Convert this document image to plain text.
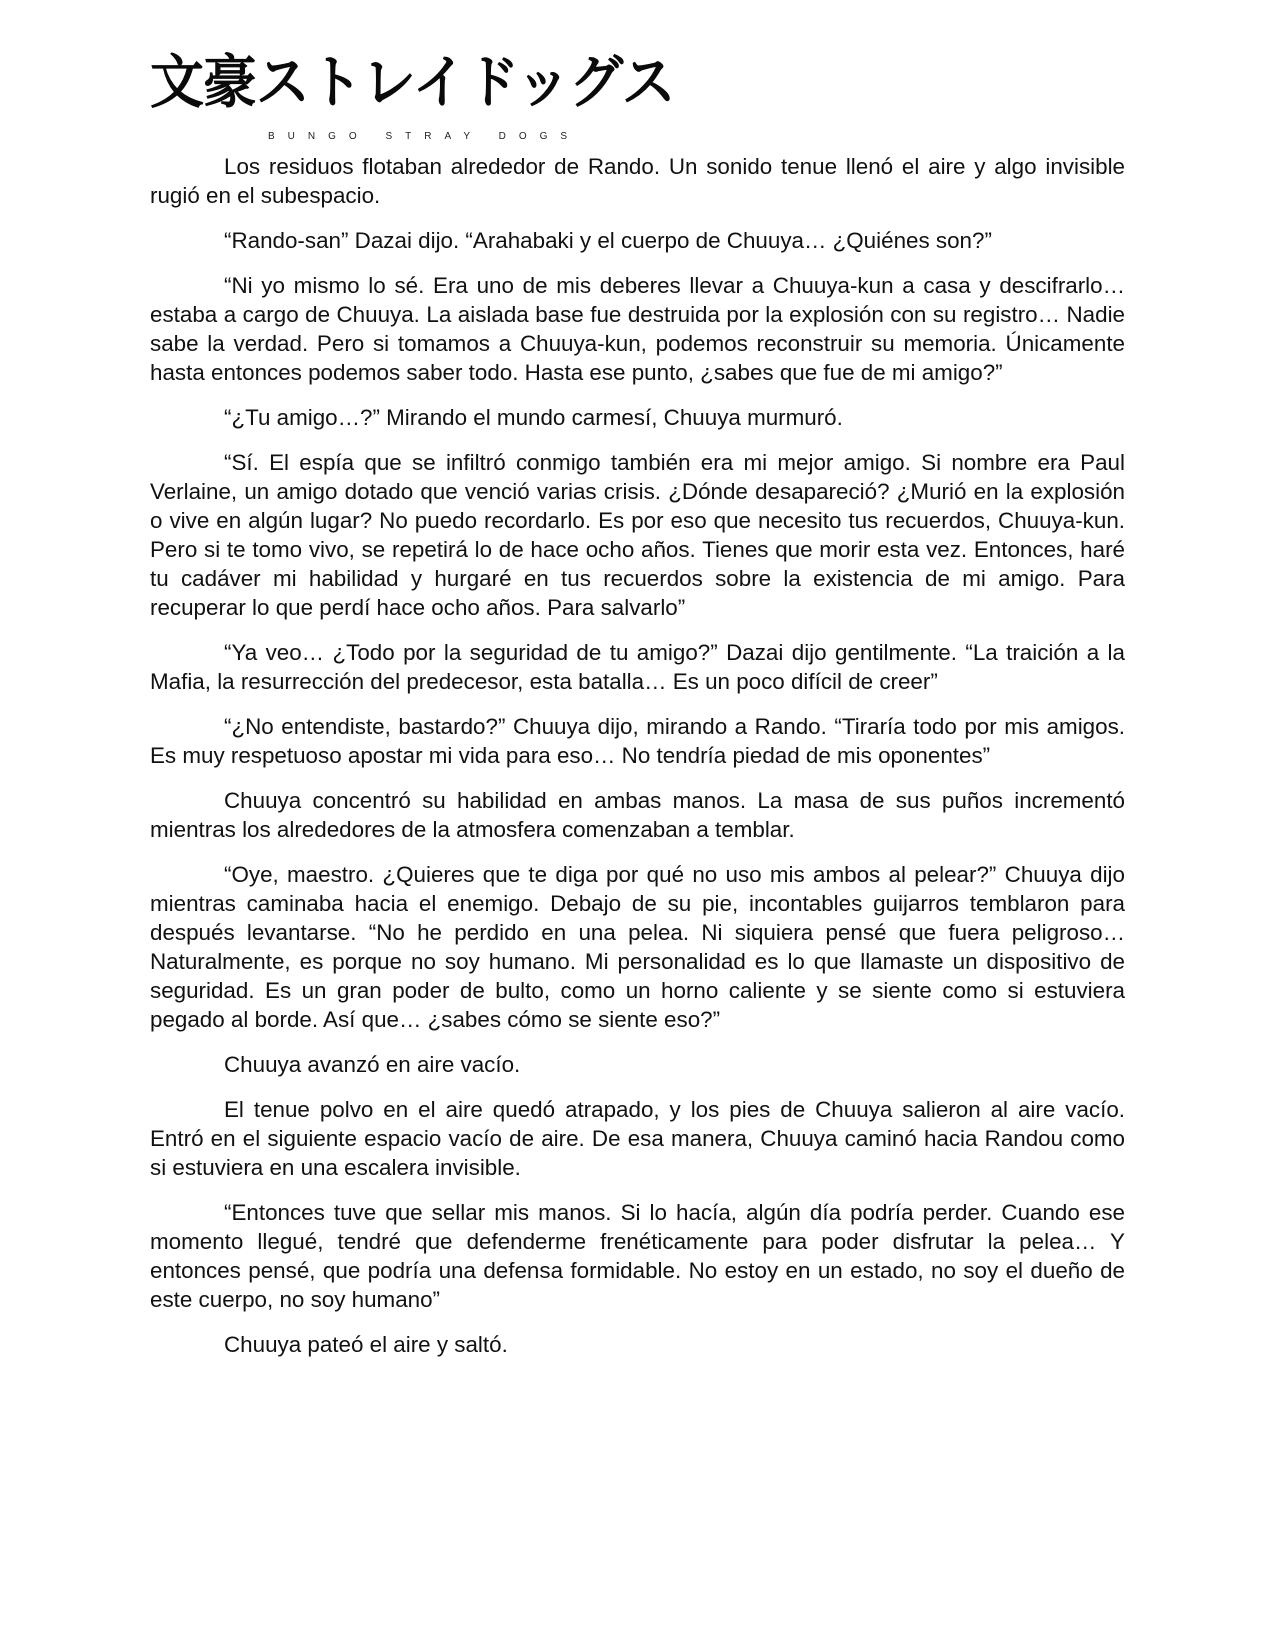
文豪ストレイドッグス
BUNGO STRAY DOGS

Los residuos flotaban alrededor de Rando. Un sonido tenue llenó el aire y algo invisible rugió en el subespacio.

“Rando-san” Dazai dijo. “Arahabaki y el cuerpo de Chuuya… ¿Quiénes son?”

“Ni yo mismo lo sé. Era uno de mis deberes llevar a Chuuya-kun a casa y descifrarlo… estaba a cargo de Chuuya. La aislada base fue destruida por la explosión con su registro… Nadie sabe la verdad. Pero si tomamos a Chuuya-kun, podemos reconstruir su memoria. Únicamente hasta entonces podemos saber todo. Hasta ese punto, ¿sabes que fue de mi amigo?”

“¿Tu amigo…?” Mirando el mundo carmesí, Chuuya murmuró.

“Sí. El espía que se infiltró conmigo también era mi mejor amigo. Si nombre era Paul Verlaine, un amigo dotado que venció varias crisis. ¿Dónde desapareció? ¿Murió en la explosión o vive en algún lugar? No puedo recordarlo. Es por eso que necesito tus recuerdos, Chuuya-kun. Pero si te tomo vivo, se repetirá lo de hace ocho años. Tienes que morir esta vez. Entonces, haré tu cadáver mi habilidad y hurgaré en tus recuerdos sobre la existencia de mi amigo. Para recuperar lo que perdí hace ocho años. Para salvarlo”

“Ya veo… ¿Todo por la seguridad de tu amigo?” Dazai dijo gentilmente. “La traición a la Mafia, la resurrección del predecesor, esta batalla… Es un poco difícil de creer”

“¿No entendiste, bastardo?” Chuuya dijo, mirando a Rando. “Tiraría todo por mis amigos. Es muy respetuoso apostar mi vida para eso… No tendría piedad de mis oponentes”

Chuuya concentró su habilidad en ambas manos. La masa de sus puños incrementó mientras los alrededores de la atmosfera comenzaban a temblar.

“Oye, maestro. ¿Quieres que te diga por qué no uso mis ambos al pelear?” Chuuya dijo mientras caminaba hacia el enemigo. Debajo de su pie, incontables guijarros temblaron para después levantarse. “No he perdido en una pelea. Ni siquiera pensé que fuera peligroso… Naturalmente, es porque no soy humano. Mi personalidad es lo que llamaste un dispositivo de seguridad. Es un gran poder de bulto, como un horno caliente y se siente como si estuviera pegado al borde. Así que… ¿sabes cómo se siente eso?”

Chuuya avanzó en aire vacío.

El tenue polvo en el aire quedó atrapado, y los pies de Chuuya salieron al aire vacío. Entró en el siguiente espacio vacío de aire. De esa manera, Chuuya caminó hacia Randou como si estuviera en una escalera invisible.

“Entonces tuve que sellar mis manos. Si lo hacía, algún día podría perder. Cuando ese momento llegué, tendré que defenderme frenéticamente para poder disfrutar la pelea… Y entonces pensé, que podría una defensa formidable. No estoy en un estado, no soy el dueño de este cuerpo, no soy humano”

Chuuya pateó el aire y saltó.
